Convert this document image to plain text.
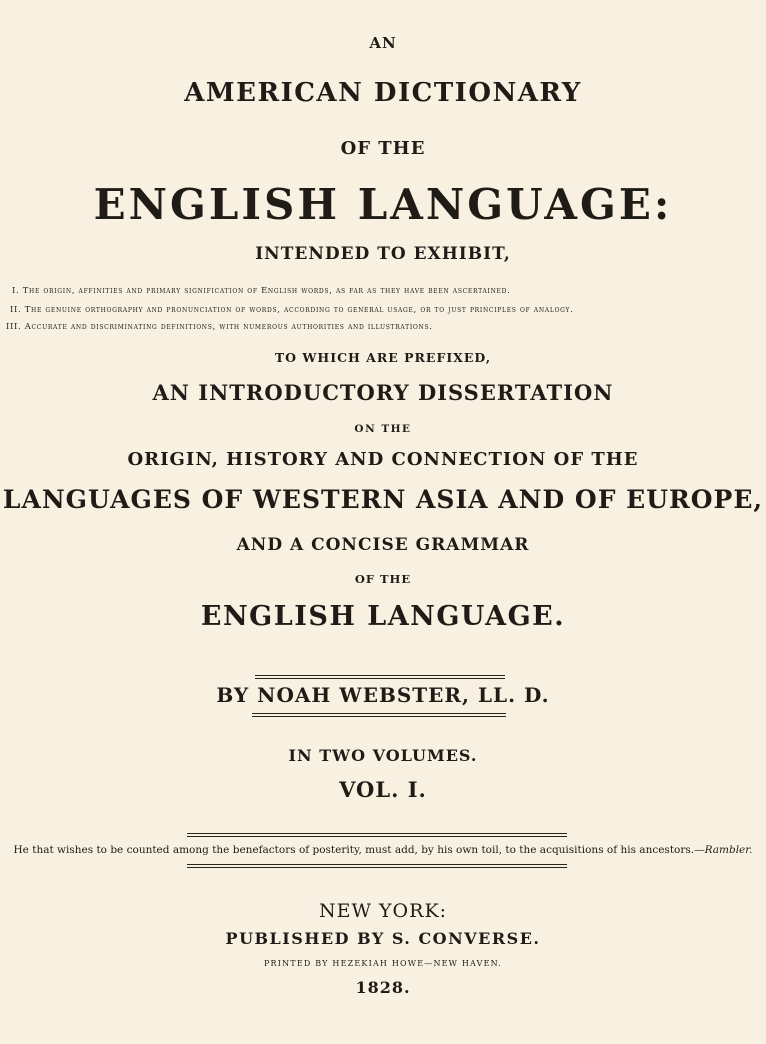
AN
AMERICAN DICTIONARY
OF THE
ENGLISH LANGUAGE:
INTENDED TO EXHIBIT,
I. The origin, affinities and primary signification of English words, as far as they have been ascertained.
II. The genuine orthography and pronunciation of words, according to general usage, or to just principles of analogy.
III. Accurate and discriminating definitions, with numerous authorities and illustrations.
TO WHICH ARE PREFIXED,
AN INTRODUCTORY DISSERTATION
ON THE
ORIGIN, HISTORY AND CONNECTION OF THE
LANGUAGES OF WESTERN ASIA AND OF EUROPE,
AND A CONCISE GRAMMAR
OF THE
ENGLISH LANGUAGE.
BY NOAH WEBSTER, LL. D.
IN TWO VOLUMES.
VOL. I.
He that wishes to be counted among the benefactors of posterity, must add, by his own toil, to the acquisitions of his ancestors.—Rambler.
NEW YORK:
PUBLISHED BY S. CONVERSE.
PRINTED BY HEZEKIAH HOWE—NEW HAVEN.
1828.
